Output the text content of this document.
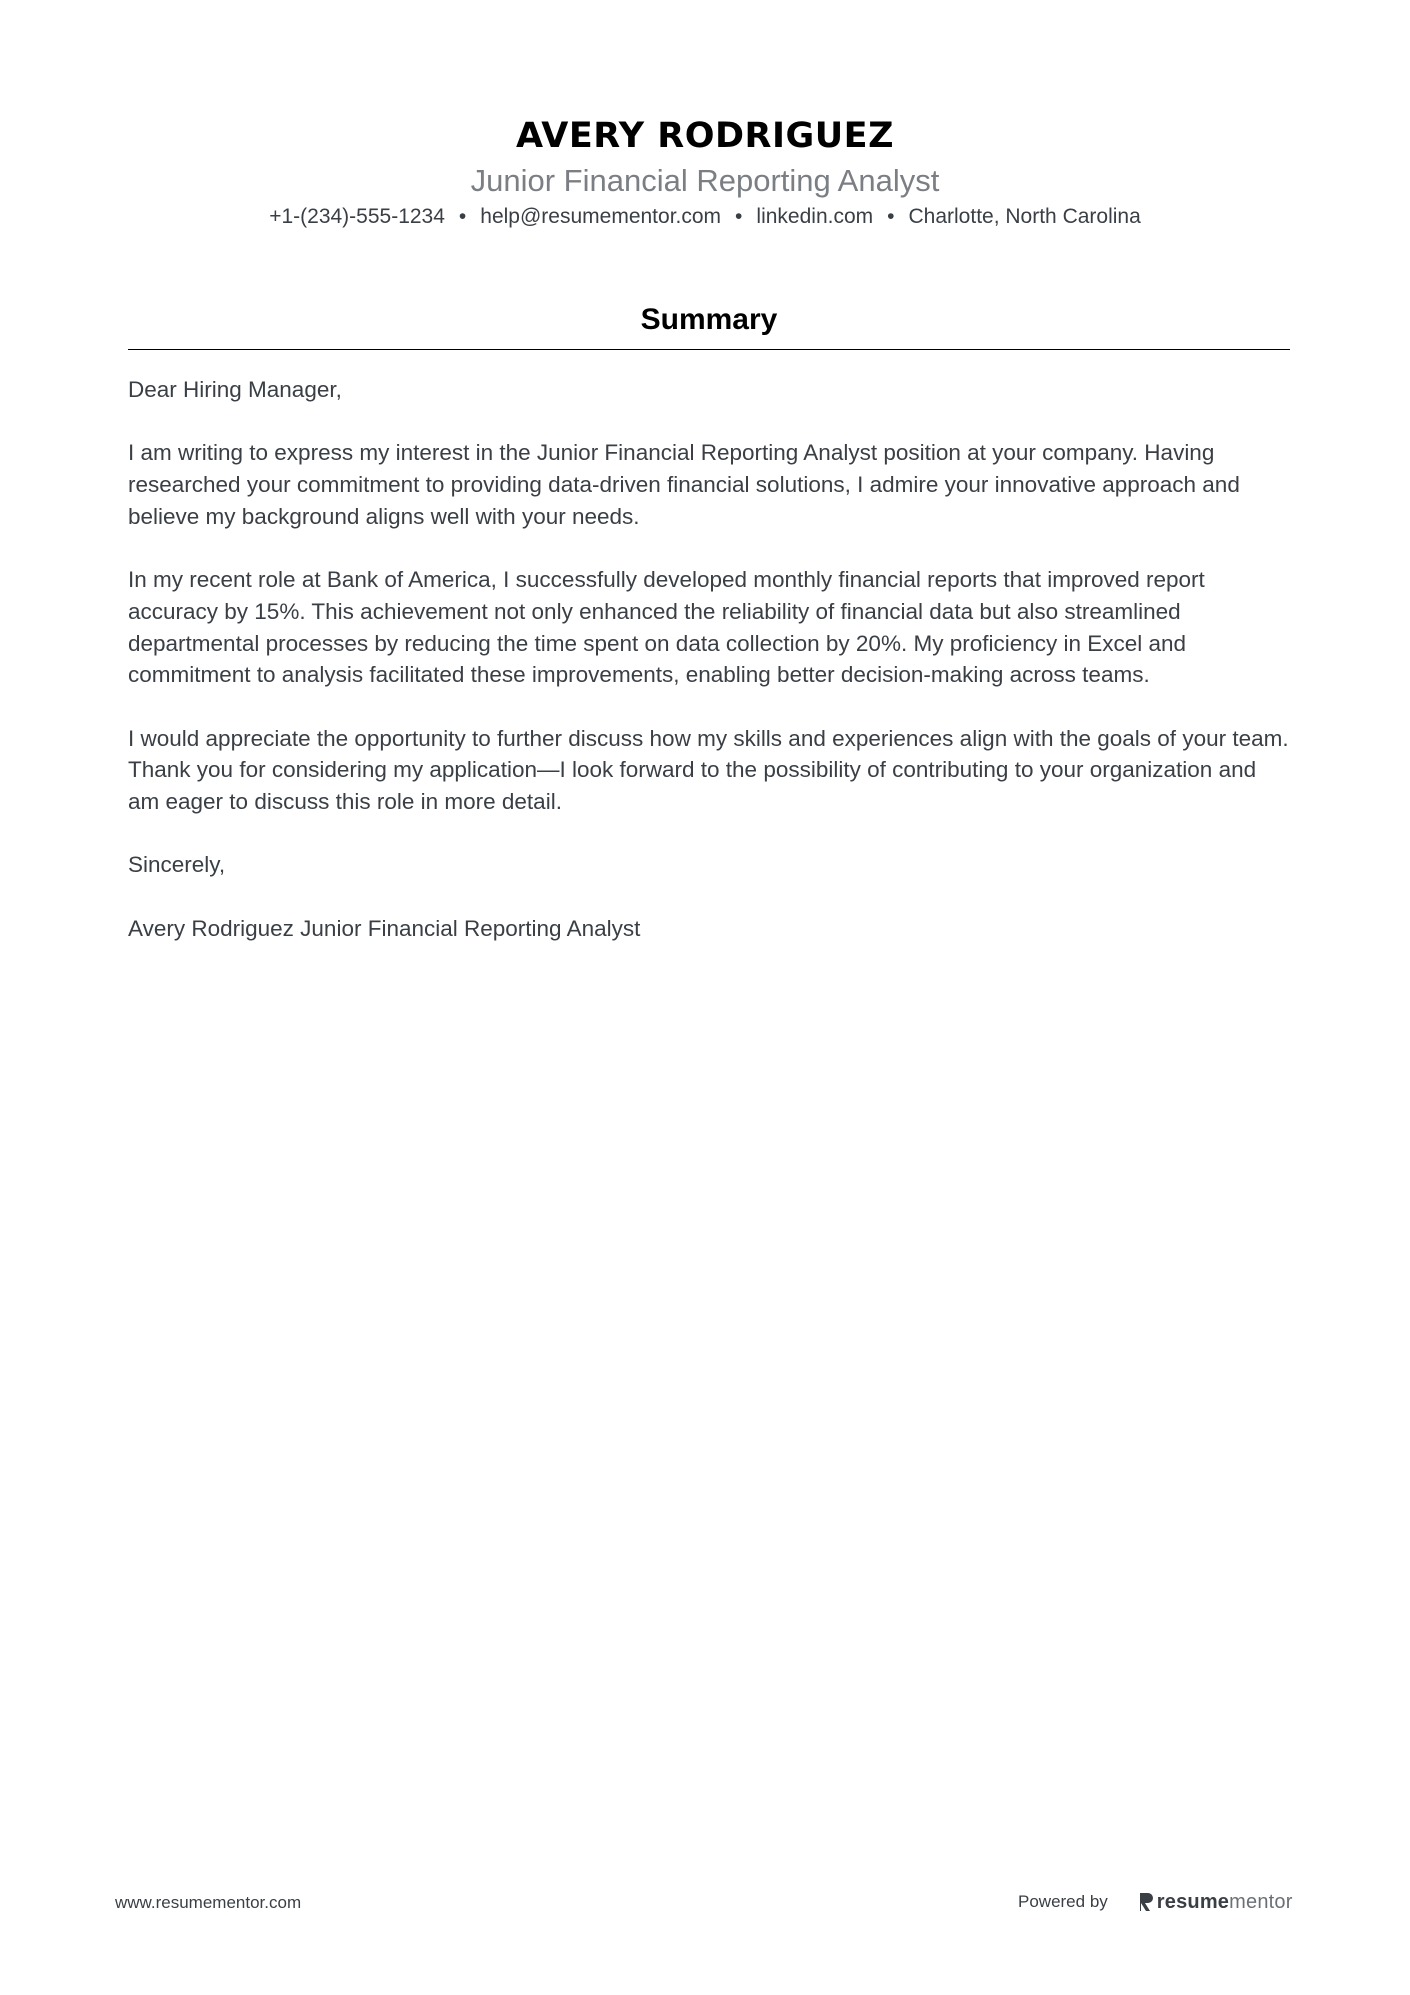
AVERY RODRIGUEZ
Junior Financial Reporting Analyst
+1-(234)-555-1234 • help@resumementor.com • linkedin.com • Charlotte, North Carolina
Summary

Dear Hiring Manager,

I am writing to express my interest in the Junior Financial Reporting Analyst position at your company. Having researched your commitment to providing data-driven financial solutions, I admire your innovative approach and believe my background aligns well with your needs.

In my recent role at Bank of America, I successfully developed monthly financial reports that improved report accuracy by 15%. This achievement not only enhanced the reliability of financial data but also streamlined departmental processes by reducing the time spent on data collection by 20%. My proficiency in Excel and commitment to analysis facilitated these improvements, enabling better decision-making across teams.

I would appreciate the opportunity to further discuss how my skills and experiences align with the goals of your team. Thank you for considering my application—I look forward to the possibility of contributing to your organization and am eager to discuss this role in more detail.

Sincerely,

Avery Rodriguez Junior Financial Reporting Analyst

www.resumementor.com	Powered by resumementor
